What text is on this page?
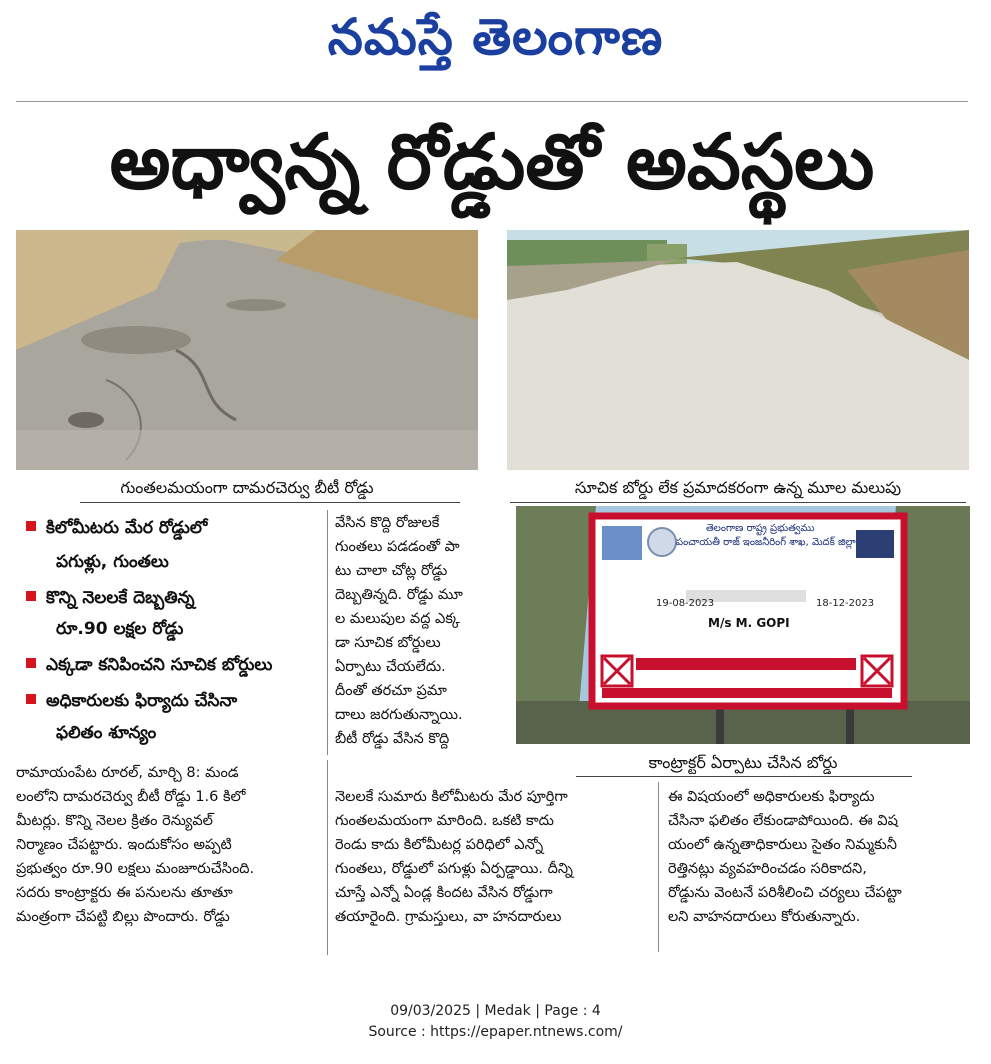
నమస్తే తెలంగాణ
అధ్వాన్న రోడ్డుతో అవస్థలు
గుంతలమయంగా దామరచెర్వు బీటీ రోడ్డు	సూచిక బోర్డు లేక ప్రమాదకరంగా ఉన్న మూల మలుపు
కిలోమీటరు మేర రోడ్డులో
పగుళ్లు, గుంతలు
కొన్ని నెలలకే దెబ్బతిన్న
రూ.90 లక్షల రోడ్డు
ఎక్కడా కనిపించని సూచిక బోర్డులు
అధికారులకు ఫిర్యాదు చేసినా
ఫలితం శూన్యం
వేసిన కొద్ది రోజులకే
గుంతలు పడడంతో పా
టు చాలా చోట్ల రోడ్డు
దెబ్బతిన్నది. రోడ్డు మూ
ల మలుపుల వద్ద ఎక్క
డా సూచిక బోర్డులు
ఏర్పాటు చేయలేదు.
దీంతో తరచూ ప్రమా
దాలు జరగుతున్నాయి.
బీటీ రోడ్డు వేసిన కొద్ది
తెలంగాణ రాష్ట్ర ప్రభుత్వము
పంచాయతీ రాజ్ ఇంజనీరింగ్ శాఖ, మెదక్ జిల్లా
19-08-2023	18-12-2023
M/s M. GOPI
5000
కాంట్రాక్టర్ ఏర్పాటు చేసిన బోర్డు
రామాయంపేట రూరల్, మార్చి 8: మండ
లంలోని దామరచెర్వు బీటీ రోడ్డు 1.6 కిలో
మీటర్లు. కొన్ని నెలల క్రితం రెన్యువల్
నిర్మాణం చేపట్టారు. ఇందుకోసం అప్పటి
ప్రభుత్వం రూ.90 లక్షలు మంజూరుచేసింది.
సదరు కాంట్రాక్టరు ఈ పనులను తూతూ
మంత్రంగా చేపట్టి బిల్లు పొందారు. రోడ్డు
నెలలకే సుమారు కిలోమీటరు మేర పూర్తిగా
గుంతలమయంగా మారింది. ఒకటి కాదు
రెండు కాదు కిలోమీటర్ల పరిధిలో ఎన్నో
గుంతలు, రోడ్డులో పగుళ్లు ఏర్పడ్డాయి. దీన్ని
చూస్తే ఎన్నో ఏండ్ల కిందట వేసిన రోడ్డుగా
తయారైంది. గ్రామస్తులు, వా హనదారులు
ఈ విషయంలో అధికారులకు ఫిర్యాదు
చేసినా ఫలితం లేకుండాపోయింది. ఈ విష
యంలో ఉన్నతాధికారులు సైతం నిమ్మకునీ
రెత్తినట్లు వ్యవహరించడం సరికాదని,
రోడ్డును వెంటనే పరిశీలించి చర్యలు చేపట్టా
లని వాహనదారులు కోరుతున్నారు.
09/03/2025 | Medak | Page : 4
Source : https://epaper.ntnews.com/
